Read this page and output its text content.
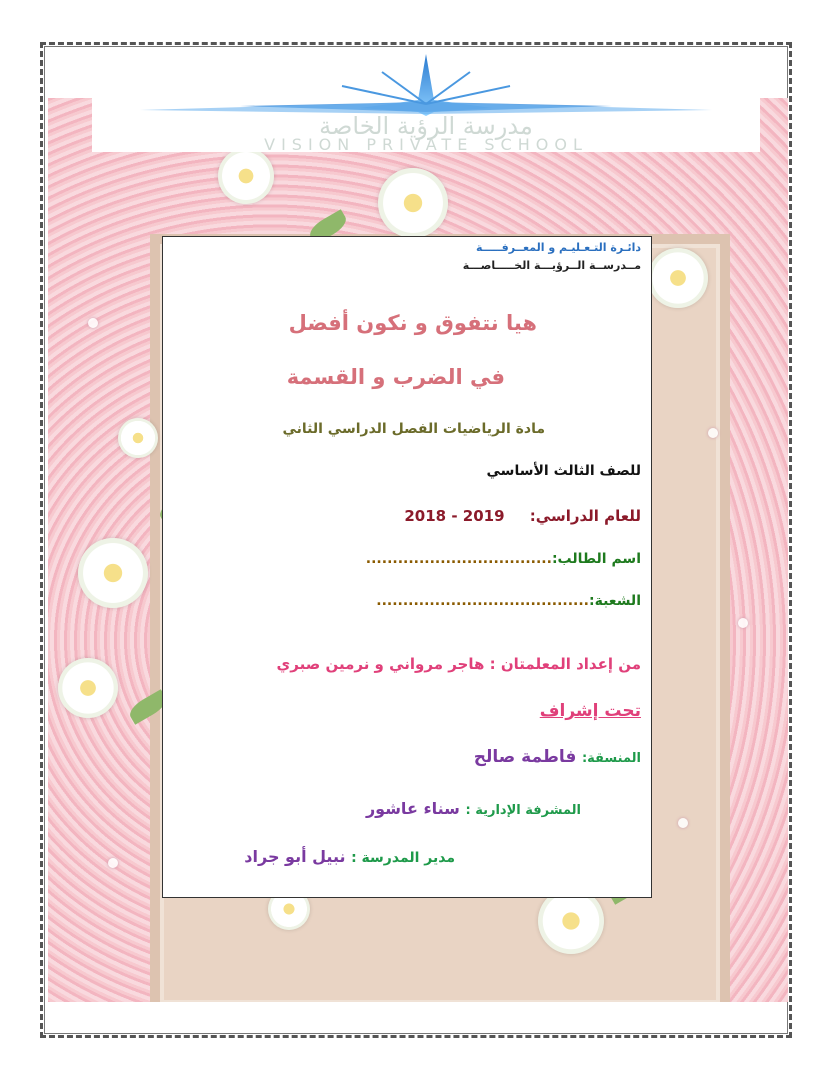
مدرسة الرؤية الخاصة
VISION PRIVATE SCHOOL
دائـرة التـعـليـم و المعــرفـــــة
مــدرســة الــرؤيـــة الخـــــاصـــة
هيا نتفوق و نكون أفضل
في الضرب و القسمة
مادة الرياضيات الفصل الدراسي الثاني
للصف الثالث الأساسي
للعام الدراسي: 2018 - 2019
اسم الطالب:...................................
الشعبة:........................................
من إعداد المعلمتان : هاجر مرواني و نرمين صبري
تحت إشراف
المنسقة: فاطمة صالح
المشرفة الإدارية : سناء عاشور
مدير المدرسة : نبيل أبو جراد
